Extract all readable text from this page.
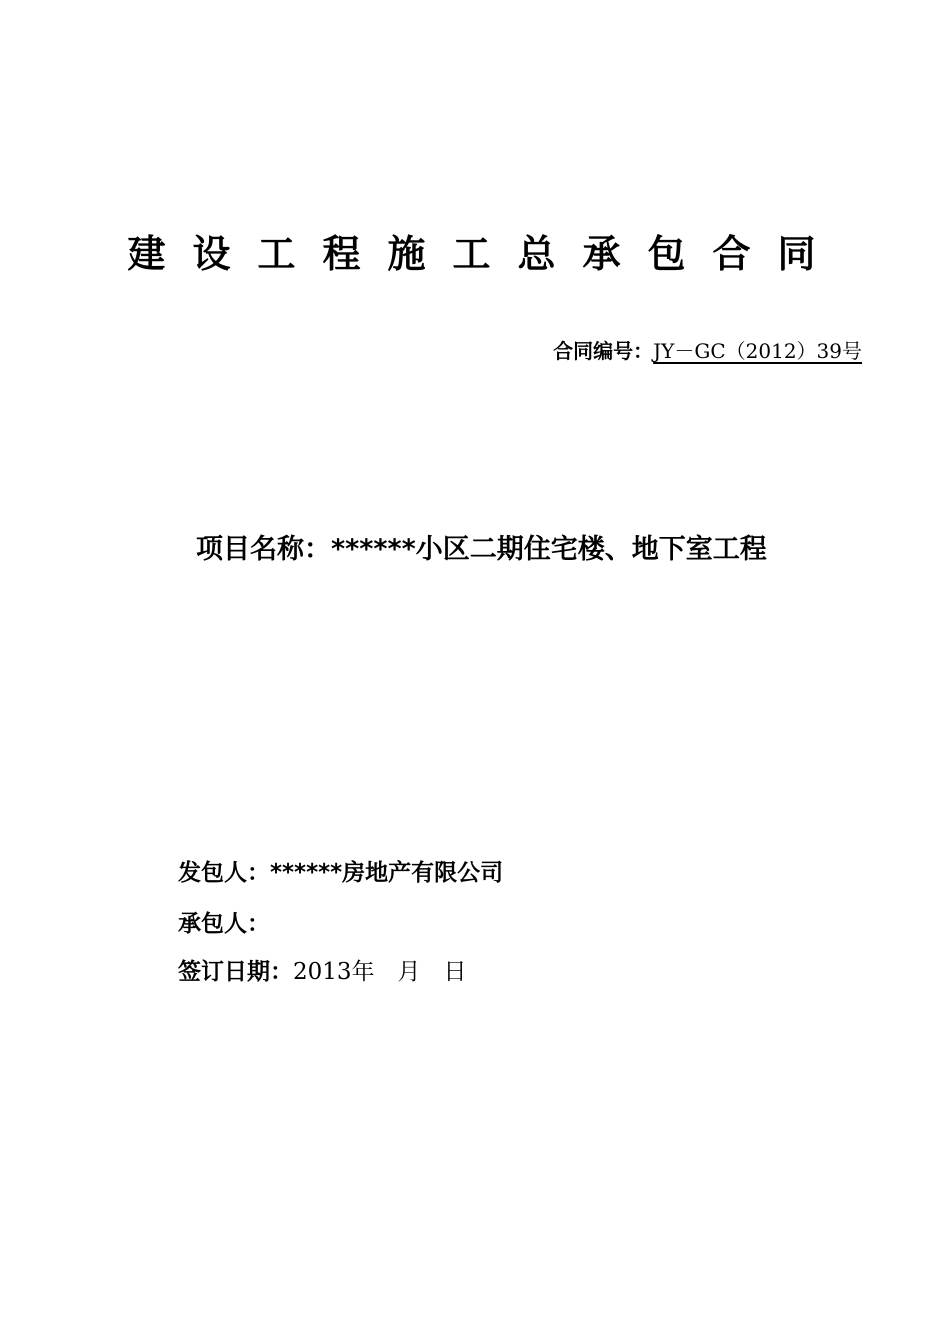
建设工程施工总承包合同
合同编号：JY－GC（2012）39号
项目名称：******小区二期住宅楼、地下室工程
发包人：******房地产有限公司
承包人：
签订日期：2013年　月　日
